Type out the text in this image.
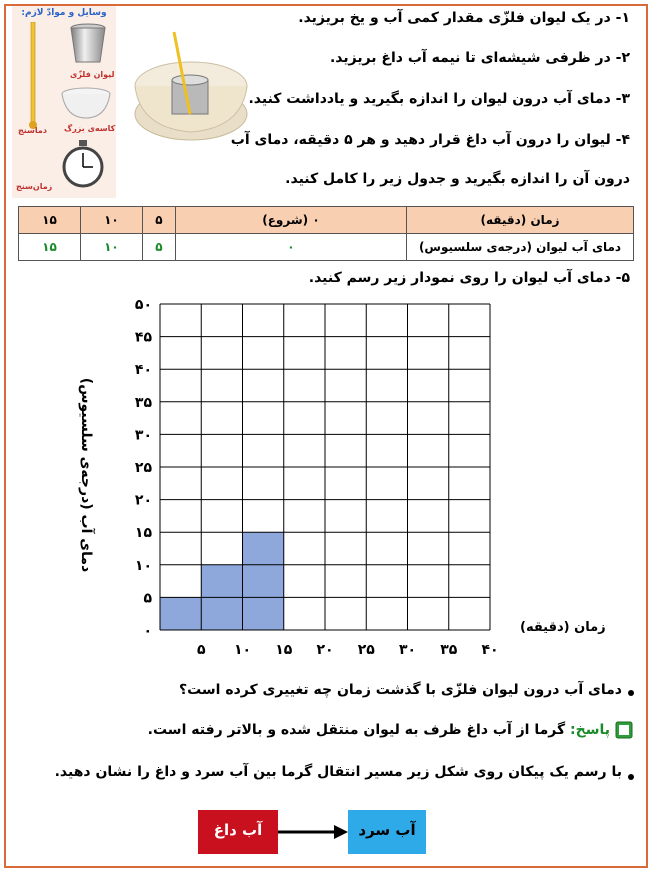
وسایل و موادّ لازم:
دماسنج
لیوان فلزّی
کاسه‌ی بزرگ
زمان‌سنج
۱- در یک لیوان فلزّی مقدار کمی آب و یخ بریزید.
۲- در ظرفی شیشه‌ای تا نیمه آب داغ بریزید.
۳- دمای آب درون لیوان را اندازه بگیرید و یادداشت کنید.
۴- لیوان را درون آب داغ قرار دهید و هر ۵ دقیقه، دمای آب
درون آن را اندازه بگیرید و جدول زیر را کامل کنید.
زمان (دقیقه)	۰ (شروع)	۵	۱۰	۱۵
دمای آب لیوان (درجه‌ی سلسیوس)	۰	۵	۱۰	۱۵
۵- دمای آب لیوان را روی نمودار زیر رسم کنید.
دمای آب (درجه‌ی سلسیوس)
۰
۵
۱۰
۱۵
۲۰
۲۵
۳۰
۳۵
۴۰
۴۵
۵۰
۵ ۱۰ ۱۵ ۲۰ ۲۵ ۳۰ ۳۵ ۴۰
زمان (دقیقه)
دمای آب درون لیوان فلزّی با گذشت زمان چه تغییری کرده است؟
پاسخ: گرما از آب داغ ظرف به لیوان منتقل شده و بالاتر رفته است.
با رسم یک پیکان روی شکل زیر مسیر انتقال گرما بین آب سرد و داغ را نشان دهید.
آب داغ	آب سرد
